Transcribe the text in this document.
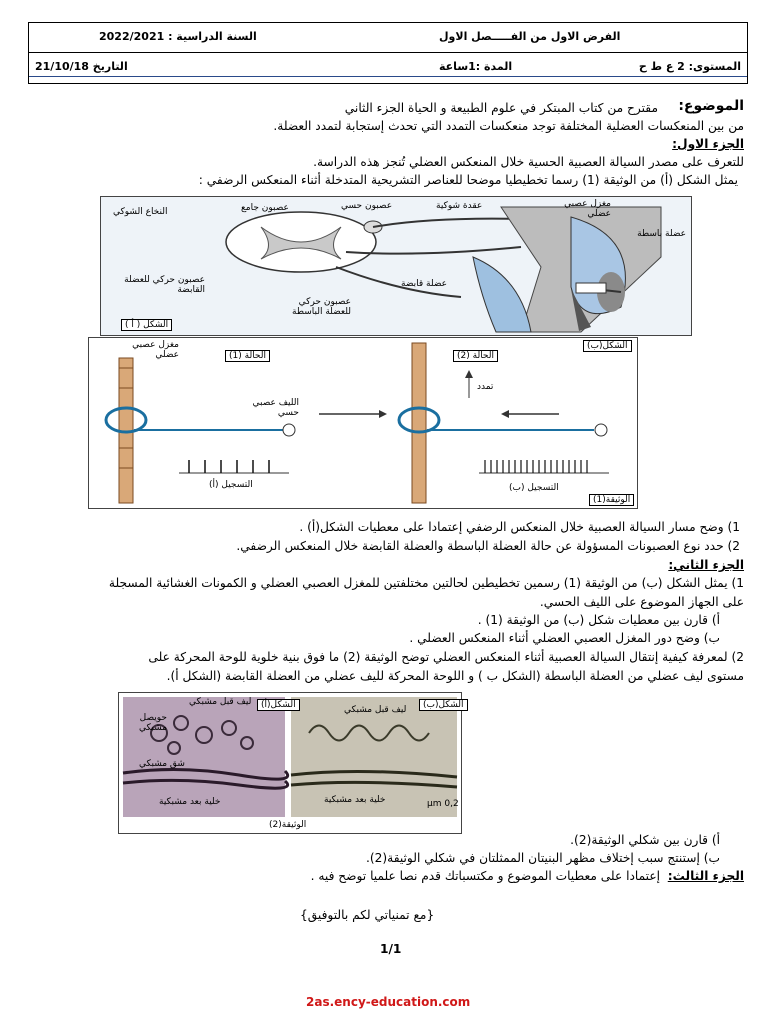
السنة الدراسية : 2022/2021	الفرض الاول من الفـــــصل الاول
المستوى: 2 ع ط ح
المدة :1ساعة
التاريخ 21/10/18
الموضوع:
مقترح من كتاب المبتكر في علوم الطبيعة و الحياة الجزء الثاني
من بين المنعكسات العضلية المختلفة توجد منعكسات التمدد التي تحدث إستجابة لتمدد العضلة.
الجزء الاول:
للتعرف على مصدر السيالة العصبية الحسية خلال المنعكس العضلي تُنجز هذه الدراسة.
يمثل الشكل (أ) من الوثيقة (1) رسما تخطيطيا موضحا للعناصر التشريحية المتدخلة أثناء المنعكس الرضفي :
النخاع الشوكي	عصبون جامع	عصبون حسي	عقدة شوكية	مغزل عصبي عضلي
عضلة باسطة
عضلة قابضة
عصبون حركي للعضلة القابضة
عصبون حركي للعضلة الباسطة
الشكل ( أ )
مغزل عصبي عضلي	الحالة (1)	الحالة (2)
الليف عصبي حسي
تمدد
التسجيل (أ)	التسجيل (ب)
الشكل(ب)
الوثيقة(1)
1) وضح مسار السيالة العصبية خلال المنعكس الرضفي إعتمادا على معطيات الشكل(أ) .
2) حدد نوع العصبونات المسؤولة عن حالة العضلة الباسطة والعضلة القابضة خلال المنعكس الرضفي.
الجزء الثاني:
1) يمثل الشكل (ب) من الوثيقة (1) رسمين تخطيطين لحالتين مختلفتين للمغزل العصبي العضلي و الكمونات الغشائية المسجلة
على الجهاز الموضوع على الليف الحسي.
أ) قارن بين معطيات شكل (ب) من الوثيقة (1) .
ب) وضح دور المغزل العصبي العضلي أثناء المنعكس العضلي .
2) لمعرفة كيفية إنتقال السيالة العصبية أثناء المنعكس العضلي توضح الوثيقة (2) ما فوق بنية خلوية للوحة المحركة على
مستوى ليف عضلي من العضلة الباسطة (الشكل ب ) و اللوحة المحركة لليف عضلي من العضلة القابضة (الشكل أ).
الشكل(أ)	الشكل(ب)
ليف قبل مشبكي
ليف قبل مشبكي
حويصل مشبكي
شق مشبكي
خلية بعد مشبكية	خلية بعد مشبكية	0,2 µm
الوثيقة(2)
أ) قارن بين شكلي الوثيقة(2).
ب) إستنتج سبب إختلاف مظهر البنيتان الممثلتان في شكلي الوثيقة(2).
الجزء الثالث:
إعتمادا على معطيات الموضوع و مكتسباتك قدم نصا علميا توضح فيه .
{مع تمنياتي لكم بالتوفيق}
1/1
2as.ency-education.com
